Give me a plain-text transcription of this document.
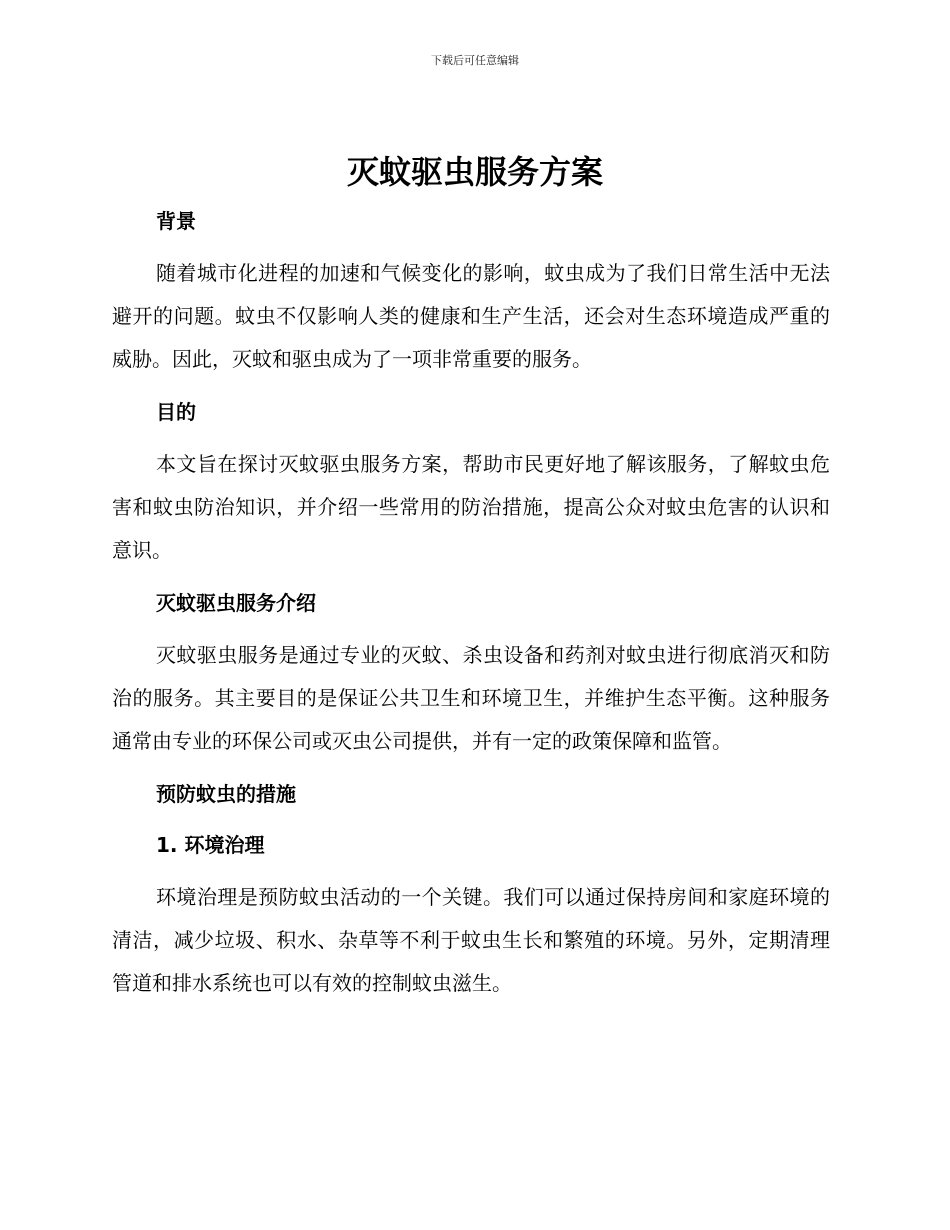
下载后可任意编辑
灭蚊驱虫服务方案
背景

随着城市化进程的加速和气候变化的影响，蚊虫成为了我们日常生活中无法避开的问题。蚊虫不仅影响人类的健康和生产生活，还会对生态环境造成严重的威胁。因此，灭蚊和驱虫成为了一项非常重要的服务。

目的

本文旨在探讨灭蚊驱虫服务方案，帮助市民更好地了解该服务，了解蚊虫危害和蚊虫防治知识，并介绍一些常用的防治措施，提高公众对蚊虫危害的认识和意识。

灭蚊驱虫服务介绍

灭蚊驱虫服务是通过专业的灭蚊、杀虫设备和药剂对蚊虫进行彻底消灭和防治的服务。其主要目的是保证公共卫生和环境卫生，并维护生态平衡。这种服务通常由专业的环保公司或灭虫公司提供，并有一定的政策保障和监管。

预防蚊虫的措施
1. 环境治理

环境治理是预防蚊虫活动的一个关键。我们可以通过保持房间和家庭环境的清洁，减少垃圾、积水、杂草等不利于蚊虫生长和繁殖的环境。另外，定期清理管道和排水系统也可以有效的控制蚊虫滋生。
